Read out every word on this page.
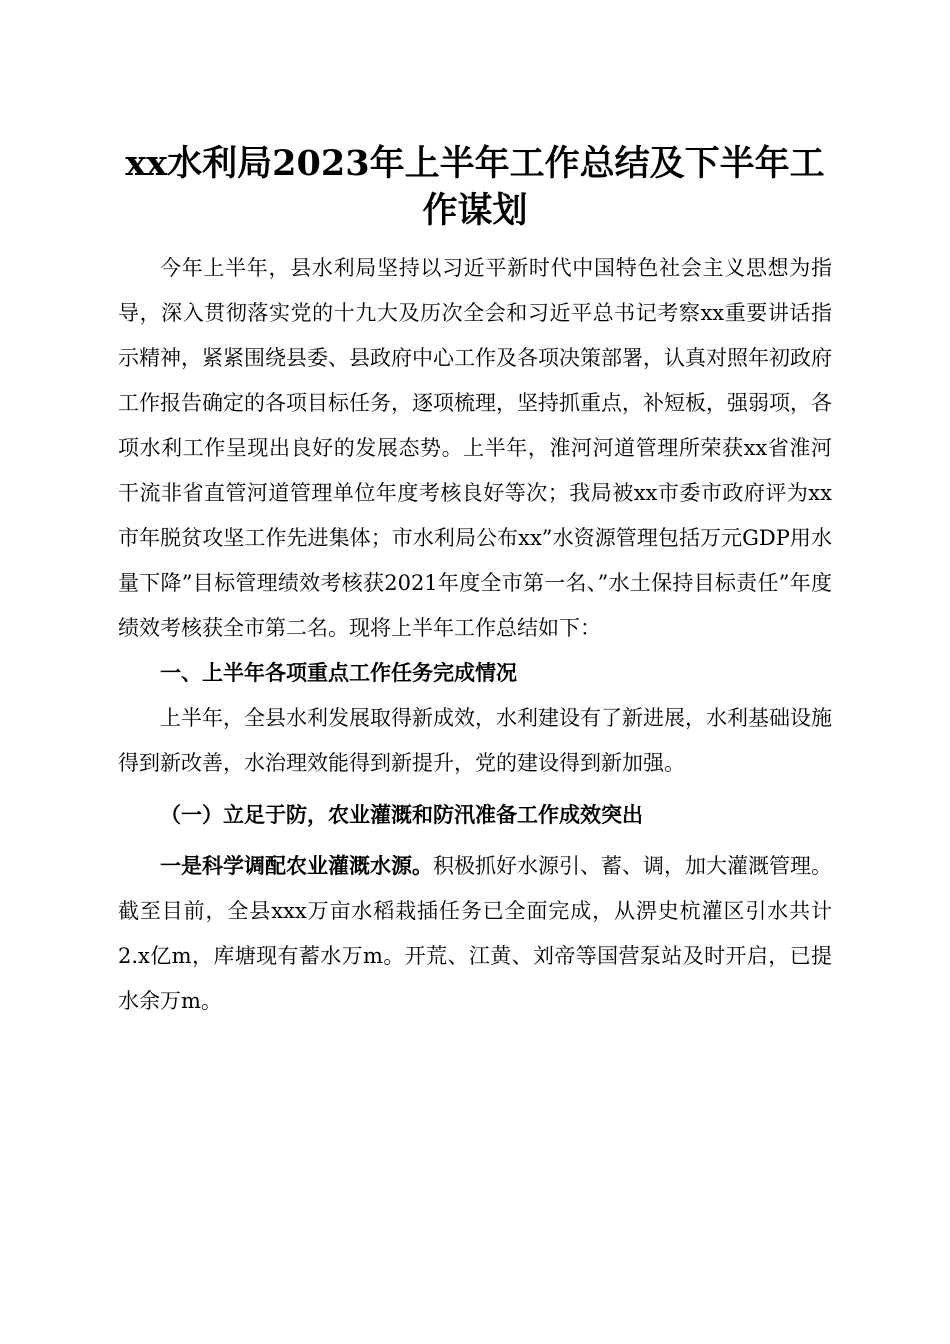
xx水利局2023年上半年工作总结及下半年工作谋划

今年上半年，县水利局坚持以习近平新时代中国特色社会主义思想为指导，深入贯彻落实党的十九大及历次全会和习近平总书记考察xx重要讲话指示精神，紧紧围绕县委、县政府中心工作及各项决策部署，认真对照年初政府工作报告确定的各项目标任务，逐项梳理，坚持抓重点，补短板，强弱项，各项水利工作呈现出良好的发展态势。上半年，淮河河道管理所荣获xx省淮河干流非省直管河道管理单位年度考核良好等次；我局被xx市委市政府评为xx市年脱贫攻坚工作先进集体；市水利局公布xx”水资源管理包括万元GDP用水量下降”目标管理绩效考核获2021年度全市第一名、”水土保持目标责任”年度绩效考核获全市第二名。现将上半年工作总结如下：

一、上半年各项重点工作任务完成情况

上半年，全县水利发展取得新成效，水利建设有了新进展，水利基础设施得到新改善，水治理效能得到新提升，党的建设得到新加强。

（一）立足于防，农业灌溉和防汛准备工作成效突出

一是科学调配农业灌溉水源。积极抓好水源引、蓄、调，加大灌溉管理。截至目前，全县xxx万亩水稻栽插任务已全面完成，从淠史杭灌区引水共计2.x亿m，库塘现有蓄水万m。开荒、江黄、刘帝等国营泵站及时开启，已提水余万m。
